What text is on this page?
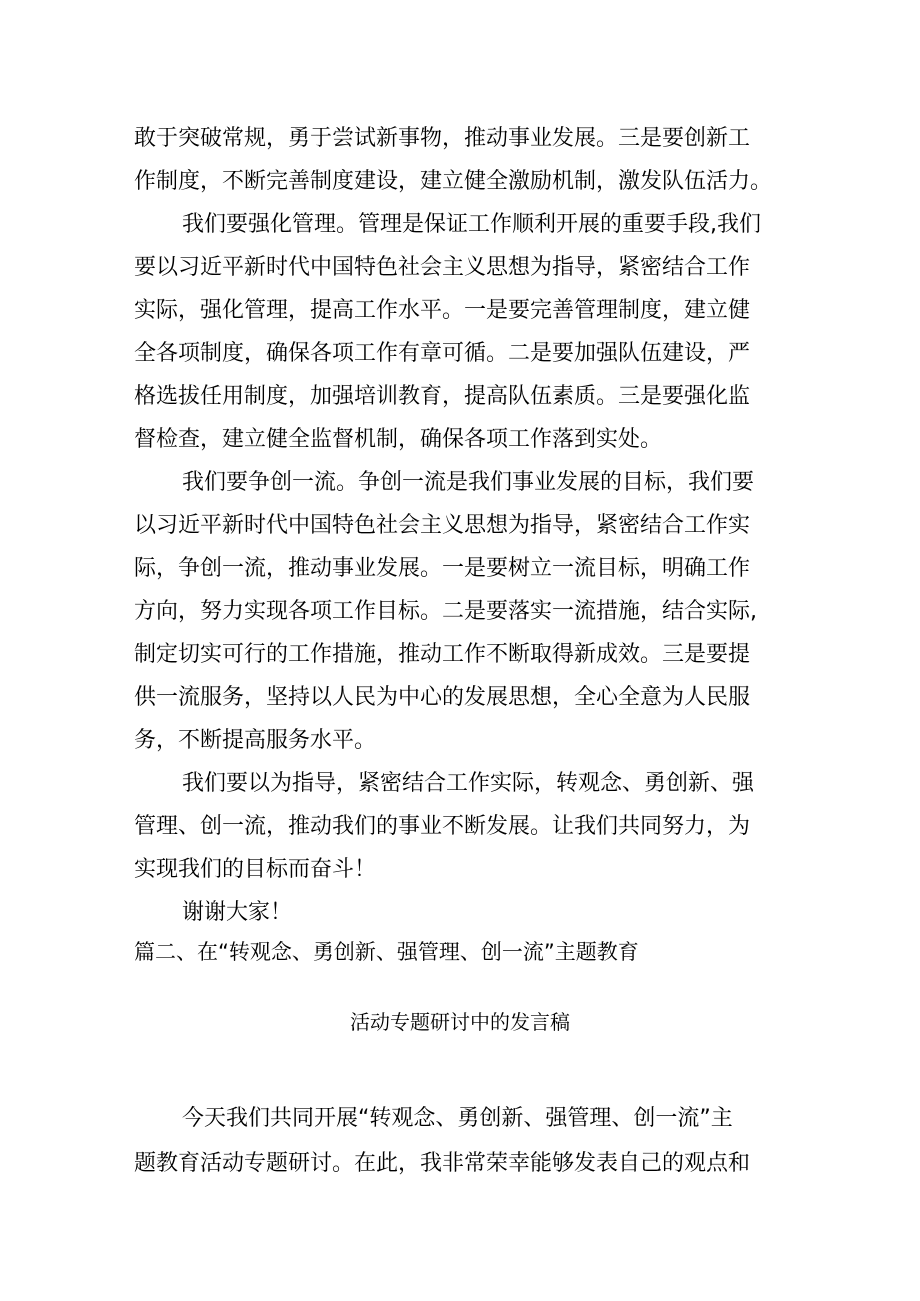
敢于突破常规，勇于尝试新事物，推动事业发展。三是要创新工
作制度，不断完善制度建设，建立健全激励机制，激发队伍活力。
我们要强化管理。管理是保证工作顺利开展的重要手段,我们
要以习近平新时代中国特色社会主义思想为指导，紧密结合工作
实际，强化管理，提高工作水平。一是要完善管理制度，建立健
全各项制度，确保各项工作有章可循。二是要加强队伍建设，严
格选拔任用制度，加强培训教育，提高队伍素质。三是要强化监
督检查，建立健全监督机制，确保各项工作落到实处。
我们要争创一流。争创一流是我们事业发展的目标，我们要
以习近平新时代中国特色社会主义思想为指导，紧密结合工作实
际，争创一流，推动事业发展。一是要树立一流目标，明确工作
方向，努力实现各项工作目标。二是要落实一流措施，结合实际,
制定切实可行的工作措施，推动工作不断取得新成效。三是要提
供一流服务，坚持以人民为中心的发展思想，全心全意为人民服
务，不断提高服务水平。
我们要以为指导，紧密结合工作实际，转观念、勇创新、强
管理、创一流，推动我们的事业不断发展。让我们共同努力，为
实现我们的目标而奋斗！
谢谢大家！
篇二、在“转观念、勇创新、强管理、创一流”主题教育
活动专题研讨中的发言稿
今天我们共同开展“转观念、勇创新、强管理、创一流”主
题教育活动专题研讨。在此，我非常荣幸能够发表自己的观点和
